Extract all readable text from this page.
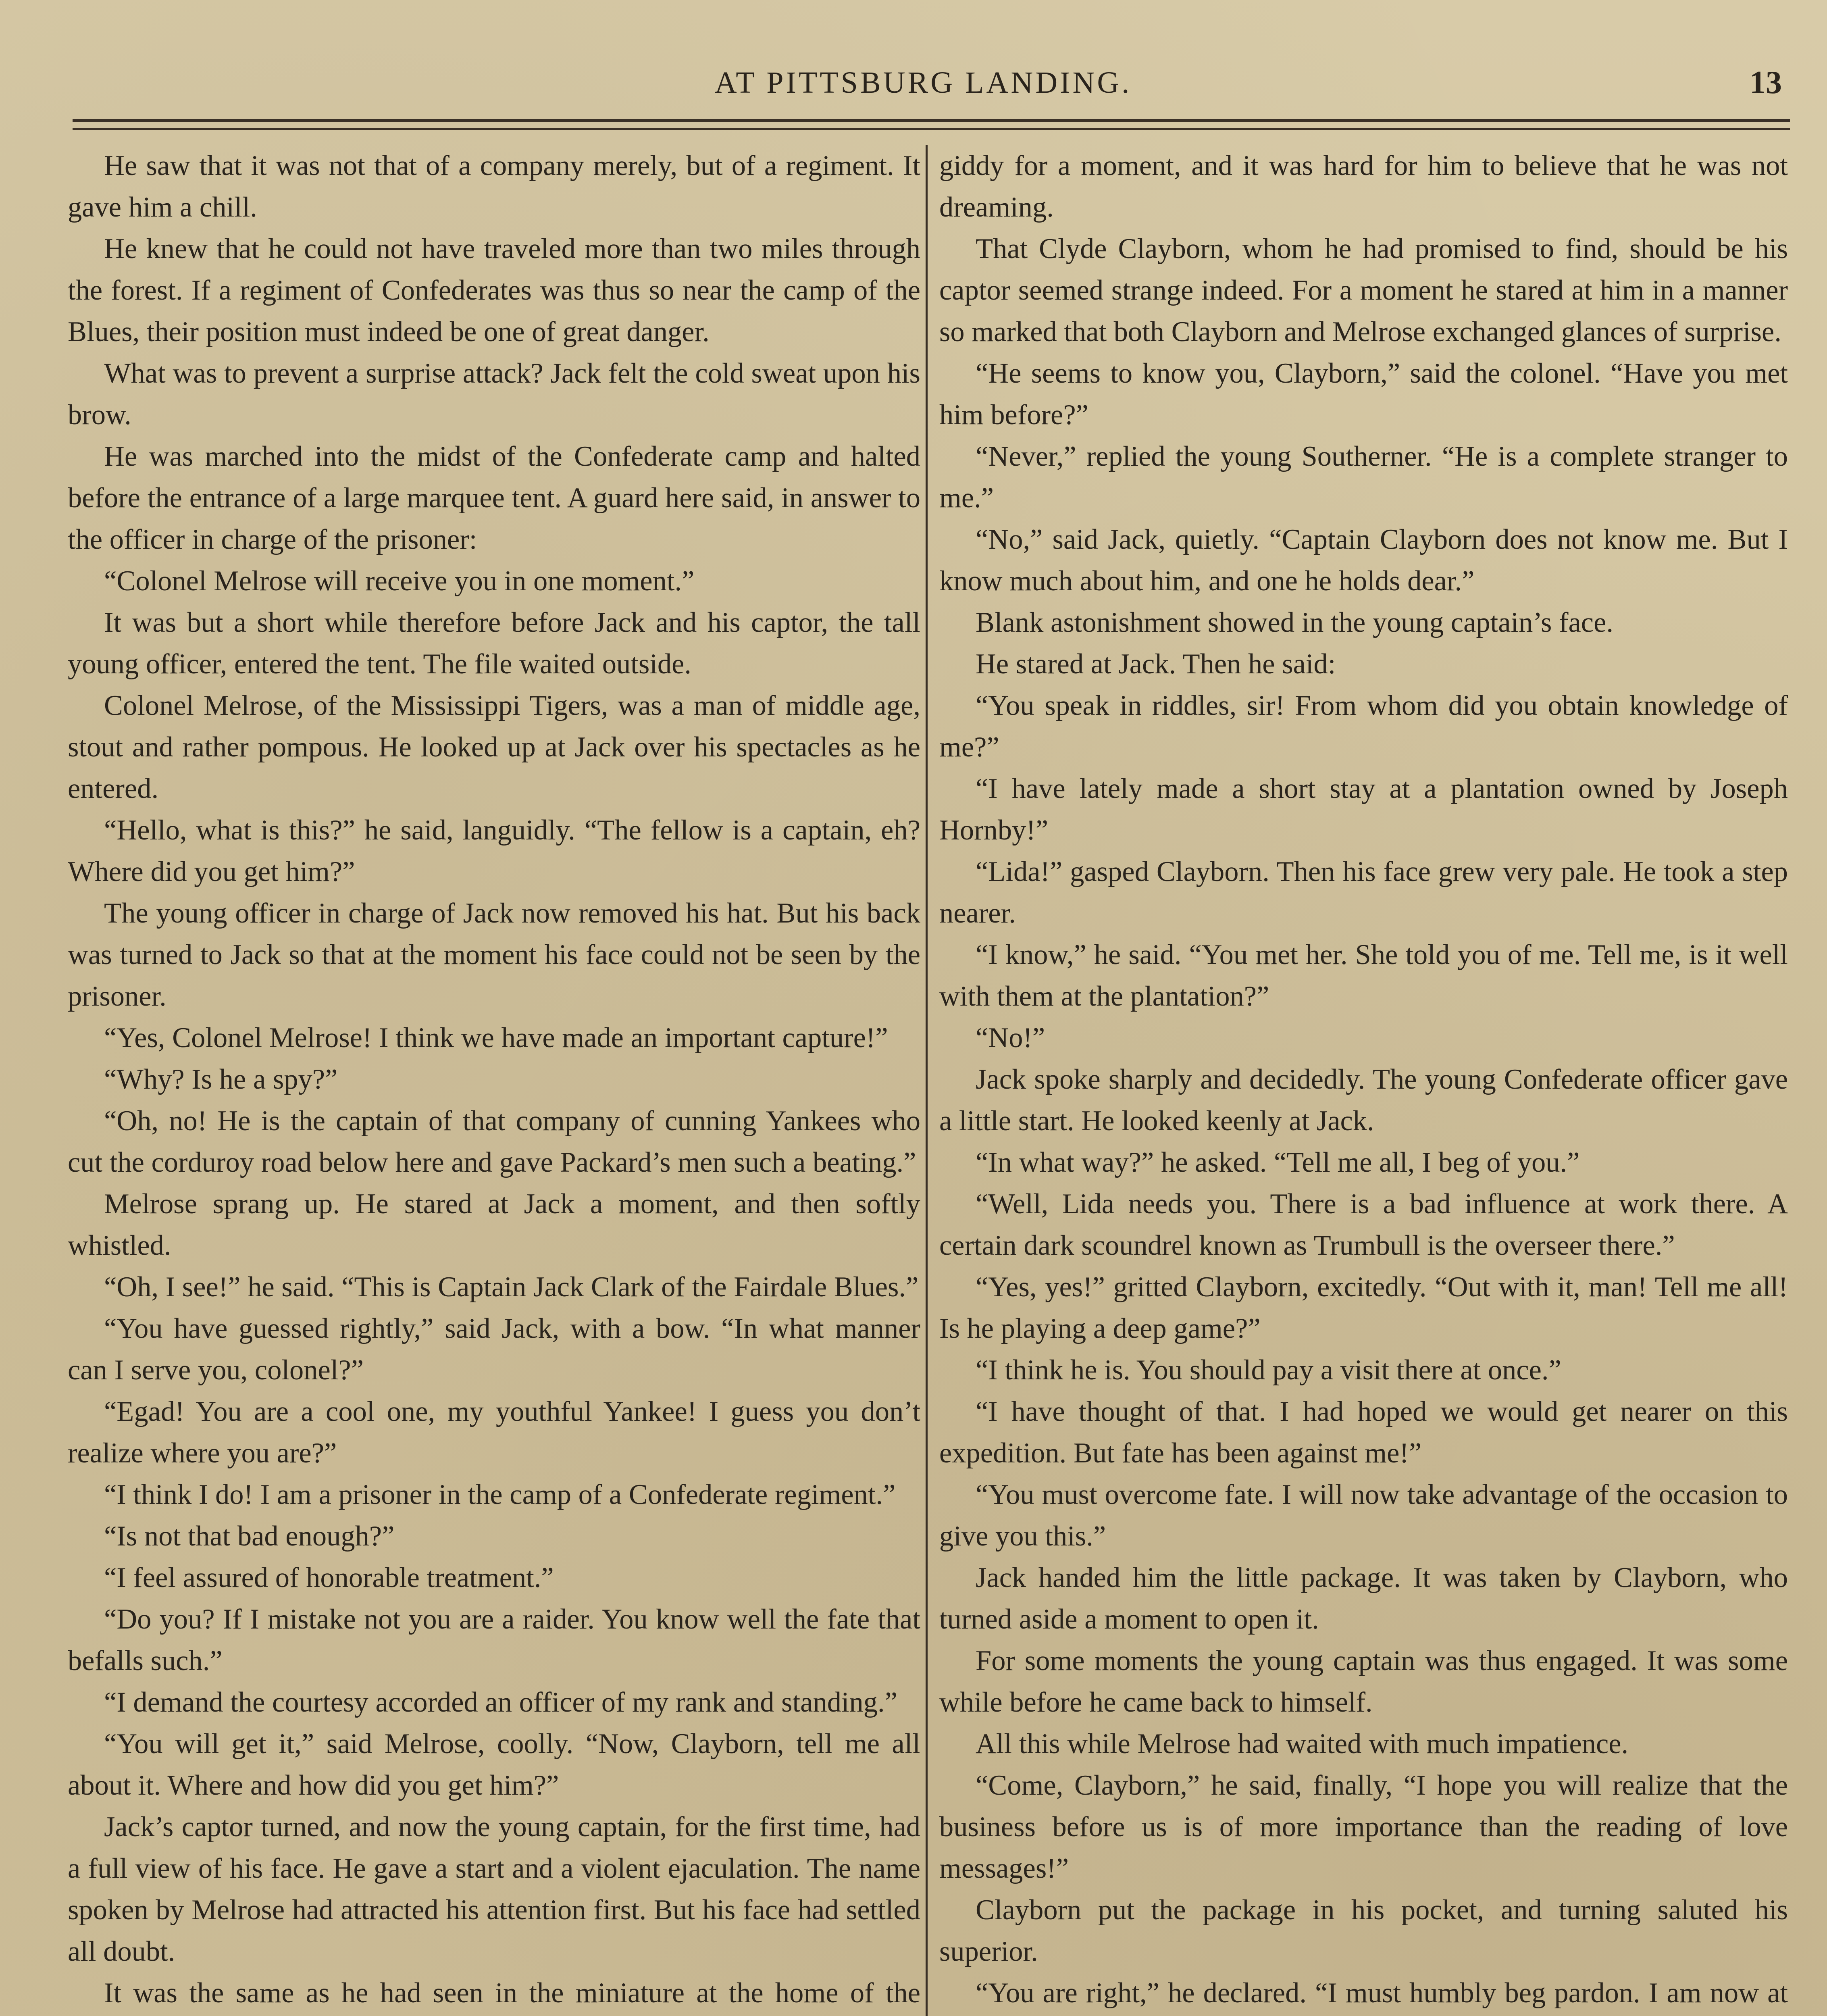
AT PITTSBURG LANDING.	13

He saw that it was not that of a company merely, but of a regiment. It gave him a chill.

He knew that he could not have traveled more than two miles through the forest. If a regiment of Confederates was thus so near the camp of the Blues, their position must indeed be one of great danger.

What was to prevent a surprise attack? Jack felt the cold sweat upon his brow.

He was marched into the midst of the Confederate camp and halted before the entrance of a large marquee tent. A guard here said, in answer to the officer in charge of the prisoner:

“Colonel Melrose will receive you in one moment.”

It was but a short while therefore before Jack and his captor, the tall young officer, entered the tent. The file waited outside.

Colonel Melrose, of the Mississippi Tigers, was a man of middle age, stout and rather pompous. He looked up at Jack over his spectacles as he entered.

“Hello, what is this?” he said, languidly. “The fellow is a captain, eh? Where did you get him?”

The young officer in charge of Jack now removed his hat. But his back was turned to Jack so that at the moment his face could not be seen by the prisoner.

“Yes, Colonel Melrose! I think we have made an important capture!”

“Why? Is he a spy?”

“Oh, no! He is the captain of that company of cunning Yankees who cut the corduroy road below here and gave Packard’s men such a beating.”

Melrose sprang up. He stared at Jack a moment, and then softly whistled.

“Oh, I see!” he said. “This is Captain Jack Clark of the Fairdale Blues.”

“You have guessed rightly,” said Jack, with a bow. “In what manner can I serve you, colonel?”

“Egad! You are a cool one, my youthful Yankee! I guess you don’t realize where you are?”

“I think I do! I am a prisoner in the camp of a Confederate regiment.”

“Is not that bad enough?”

“I feel assured of honorable treatment.”

“Do you? If I mistake not you are a raider. You know well the fate that befalls such.”

“I demand the courtesy accorded an officer of my rank and standing.”

“You will get it,” said Melrose, coolly. “Now, Clayborn, tell me all about it. Where and how did you get him?”

Jack’s captor turned, and now the young captain, for the first time, had a full view of his face. He gave a start and a violent ejaculation. The name spoken by Melrose had attracted his attention first. But his face had settled all doubt.

It was the same as he had seen in the miniature at the home of the

giddy for a moment, and it was hard for him to believe that he was not dreaming.

That Clyde Clayborn, whom he had promised to find, should be his captor seemed strange indeed. For a moment he stared at him in a manner so marked that both Clayborn and Melrose exchanged glances of surprise.

“He seems to know you, Clayborn,” said the colonel. “Have you met him before?”

“Never,” replied the young Southerner. “He is a complete stranger to me.”

“No,” said Jack, quietly. “Captain Clayborn does not know me. But I know much about him, and one he holds dear.”

Blank astonishment showed in the young captain’s face.

He stared at Jack. Then he said:

“You speak in riddles, sir! From whom did you obtain knowledge of me?”

“I have lately made a short stay at a plantation owned by Joseph Hornby!”

“Lida!” gasped Clayborn. Then his face grew very pale. He took a step nearer.

“I know,” he said. “You met her. She told you of me. Tell me, is it well with them at the plantation?”

“No!”

Jack spoke sharply and decidedly. The young Confederate officer gave a little start. He looked keenly at Jack.

“In what way?” he asked. “Tell me all, I beg of you.”

“Well, Lida needs you. There is a bad influence at work there. A certain dark scoundrel known as Trumbull is the overseer there.”

“Yes, yes!” gritted Clayborn, excitedly. “Out with it, man! Tell me all! Is he playing a deep game?”

“I think he is. You should pay a visit there at once.”

“I have thought of that. I had hoped we would get nearer on this expedition. But fate has been against me!”

“You must overcome fate. I will now take advantage of the occasion to give you this.”

Jack handed him the little package. It was taken by Clayborn, who turned aside a moment to open it.

For some moments the young captain was thus engaged. It was some while before he came back to himself.

All this while Melrose had waited with much impatience.

“Come, Clayborn,” he said, finally, “I hope you will realize that the business before us is of more importance than the reading of love messages!”

Clayborn put the package in his pocket, and turning saluted his superior.

“You are right,” he declared. “I must humbly beg pardon. I am now at
